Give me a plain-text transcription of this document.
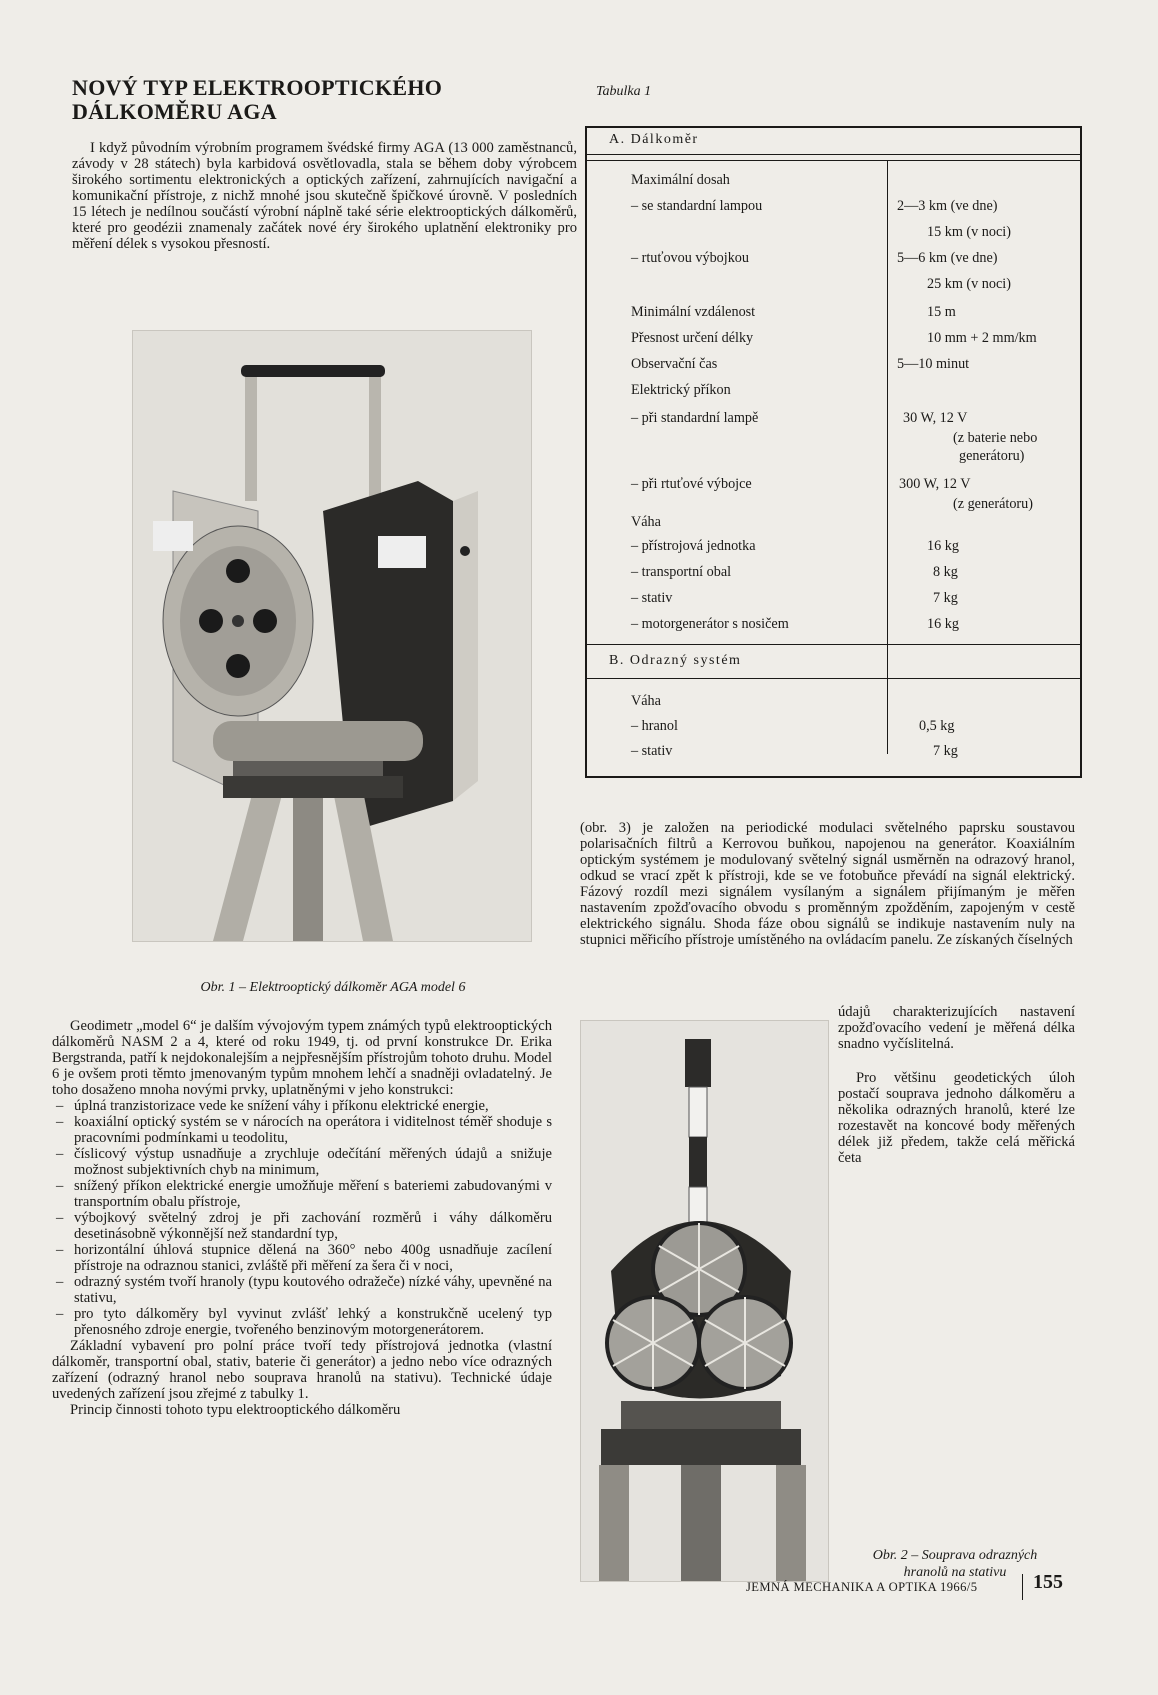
NOVÝ TYP ELEKTROOPTICKÉHO
DÁLKOMĚRU AGA

I když původním výrobním programem švédské firmy AGA (13 000 zaměstnanců, závody v 28 státech) byla karbidová osvětlovadla, stala se během doby výrobcem širokého sortimentu elektronických a optických zařízení, zahrnujících navigační a komunikační přístroje, z nichž mnohé jsou skutečně špičkové úrovně. V posledních 15 létech je nedílnou součástí výrobní náplně také série elektrooptických dálkoměrů, které pro geodézii znamenaly začátek nové éry širokého uplatnění elektroniky pro měření délek s vysokou přesností.

Obr. 1 – Elektrooptický dálkoměr AGA model 6

Geodimetr „model 6“ je dalším vývojovým typem známých typů elektrooptických dálkoměrů NASM 2 a 4, které od roku 1949, tj. od první konstrukce Dr. Erika Bergstranda, patří k nejdokonalejším a nejpřesnějším přístrojům tohoto druhu. Model 6 je ovšem proti těmto jmenovaným typům mnohem lehčí a snadněji ovladatelný. Je toho dosaženo mnoha novými prvky, uplatněnými v jeho konstrukci:

– úplná tranzistorizace vede ke snížení váhy i příkonu elektrické energie,
– koaxiální optický systém se v nárocích na operátora i viditelnost téměř shoduje s pracovními podmínkami u teodolitu,
– číslicový výstup usnadňuje a zrychluje odečítání měřených údajů a snižuje možnost subjektivních chyb na minimum,
– snížený příkon elektrické energie umožňuje měření s bateriemi zabudovanými v transportním obalu přístroje,
– výbojkový světelný zdroj je při zachování rozměrů i váhy dálkoměru desetinásobně výkonnější než standardní typ,
– horizontální úhlová stupnice dělená na 360° nebo 400g usnadňuje zacílení přístroje na odraznou stanici, zvláště při měření za šera či v noci,
– odrazný systém tvoří hranoly (typu koutového odražeče) nízké váhy, upevněné na stativu,
– pro tyto dálkoměry byl vyvinut zvlášť lehký a konstrukčně ucelený typ přenosného zdroje energie, tvořeného benzinovým motorgenerátorem.

Základní vybavení pro polní práce tvoří tedy přístrojová jednotka (vlastní dálkoměr, transportní obal, stativ, baterie či generátor) a jedno nebo více odrazných zařízení (odrazný hranol nebo souprava hranolů na stativu). Technické údaje uvedených zařízení jsou zřejmé z tabulky 1.

Princip činnosti tohoto typu elektrooptického dálkoměru

Tabulka 1
A. Dálkoměr
Maximální dosah
– se standardní lampou	2—3 km (ve dne)
15 km (v noci)
– rtuťovou výbojkou	5—6 km (ve dne)
25 km (v noci)
Minimální vzdálenost	15 m
Přesnost určení délky	10 mm + 2 mm/km
Observační čas	5—10 minut
Elektrický příkon
– při standardní lampě	30 W, 12 V
(z baterie nebo
generátoru)
– při rtuťové výbojce	300 W, 12 V
(z generátoru)
Váha
– přístrojová jednotka	16 kg
– transportní obal	8 kg
– stativ	7 kg
– motorgenerátor s nosičem	16 kg
B. Odrazný systém
Váha
– hranol	0,5 kg
– stativ	7 kg

(obr. 3) je založen na periodické modulaci světelného paprsku soustavou polarisačních filtrů a Kerrovou buňkou, napojenou na generátor. Koaxiálním optickým systémem je modulovaný světelný signál usměrněn na odrazový hranol, odkud se vrací zpět k přístroji, kde se ve fotobuňce převádí na signál elektrický. Fázový rozdíl mezi signálem vysílaným a signálem přijímaným je měřen nastavením zpožďovacího obvodu s proměnným zpožděním, zapojeným v cestě elektrického signálu. Shoda fáze obou signálů se indikuje nastavením nuly na stupnici měřicího přístroje umístěného na ovládacím panelu. Ze získaných číselných

údajů charakterizujících nastavení zpožďovacího vedení je měřená délka snadno vyčíslitelná.

Pro většinu geodetických úloh postačí souprava jednoho dálkoměru a několika odrazných hranolů, které lze rozestavět na koncové body měřených délek již předem, takže celá měřická četa

Obr. 2 – Souprava odrazných
hranolů na stativu
JEMNÁ MECHANIKA A OPTIKA 1966/5	155
